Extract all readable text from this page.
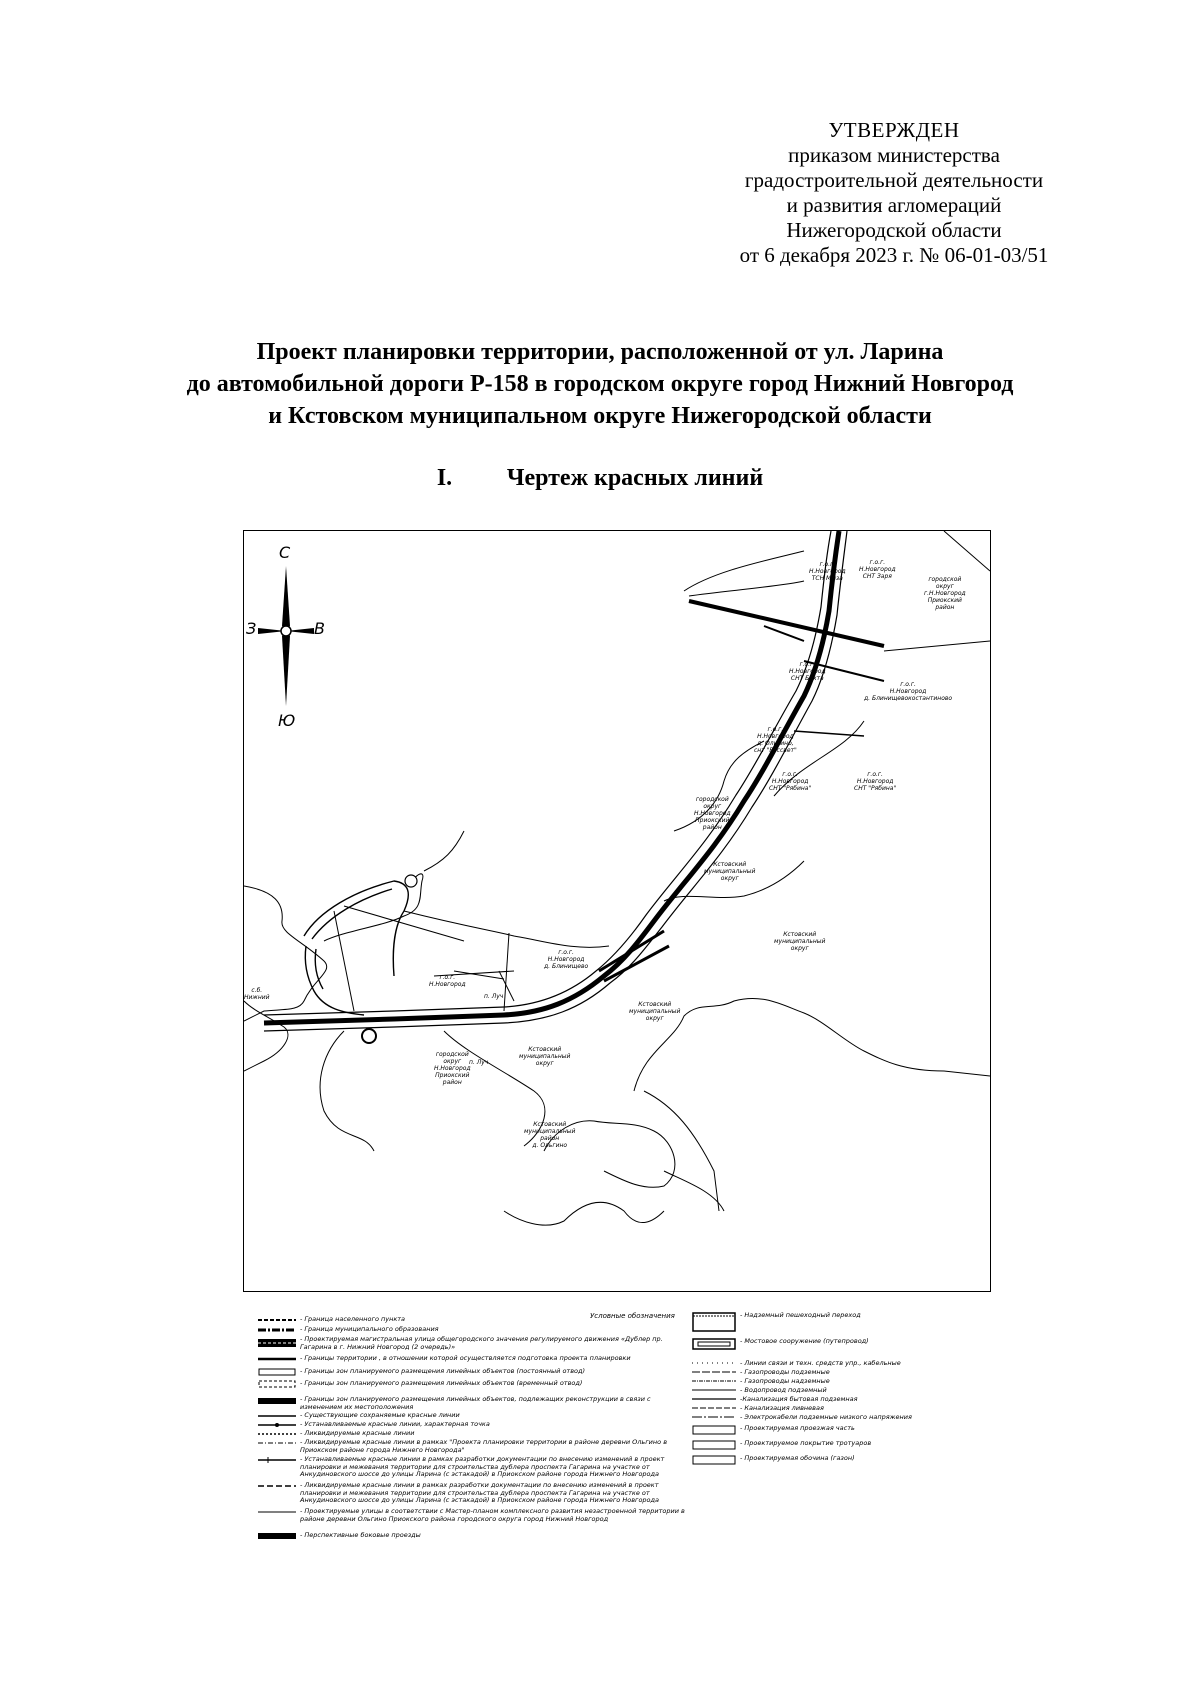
УТВЕРЖДЕН
приказом министерства
градостроительной деятельности
и развития агломераций
Нижегородской области
от 6 декабря 2023 г. № 06-01-03/51
Проект планировки территории, расположенной от ул. Ларина
до автомобильной дороги Р-158 в городском округе город Нижний Новгород
и Кстовском муниципальном округе Нижегородской области
I. Чертеж красных линий
С
Ю
З	В
г.о.г.
Н.Новгород
ТСН Мыза
г.о.г.
Н.Новгород
СНТ Заря	городской
округ
г.Н.Новгород
Приокский
район
г.о.г.
Н.Новгород
СНТ Бахта
г.о.г.
Н.Новгород
д. Блинищевокостантиново
г.о.г.
Н.Новгород
д. Ольгино,
снт "Рассвет"
г.о.г.
Н.Новгород
СНТ "Рябина"
г.о.г.
Н.Новгород
СНТ "Рябина"
городской
округ
Н.Новгород
Приокский
район
Кстовский
муниципальный
округ
Кстовский
муниципальный
округ
г.о.г.
Н.Новгород
д. Блинищево
г.о.г.
Н.Новгород
п. Луч
Кстовский
муниципальный
округ
Кстовский
муниципальный
округ
городской
округ
Н.Новгород
Приокский
район
Кстовский
муниципальный
район
д. Ольгино
п. Луч
с.б.
Нижний
Условные обозначения
- Граница населенного пункта
- Граница муниципального образования
- Проектируемая магистральная улица общегородского значения регулируемого движения «Дублер пр. Гагарина в г. Нижний Новгород (2 очередь)»
- Границы территории , в отношении которой осуществляется подготовка проекта планировки
- Границы зон планируемого размещения линейных объектов (постоянный отвод)
- Границы зон планируемого размещения линейных объектов (временный отвод)
- Границы зон планируемого размещения линейных объектов, подлежащих реконструкции в связи с изменением их местоположения
- Существующие сохраняемые красные линии
- Устанавливаемые красные линии, характерная точка
- Ликвидируемые красные линии
- Ликвидируемые красные линии в рамках "Проекта планировки территории в районе деревни Ольгино в Приокском районе города Нижнего Новгорода"
- Устанавливаемые красные линии в рамках разработки документации по внесению изменений в проект планировки и межевания территории для строительства дублера проспекта Гагарина на участке от Анкудиновского шоссе до улицы Ларина (с эстакадой) в Приокском районе города Нижнего Новгорода
- Ликвидируемые красные линии в рамках разработки документации по внесению изменений в проект планировки и межевания территории для строительства дублера проспекта Гагарина на участке от Анкудиновского шоссе до улицы Ларина (с эстакадой) в Приокском районе города Нижнего Новгорода
- Проектируемые улицы в соответствии с Мастер-планом комплексного развития незастроенной территории в районе деревни Ольгино Приокского района городского округа город Нижний Новгород
- Перспективные боковые проезды
- Надземный пешеходный переход
- Мостовое сооружение (путепровод)
- Линии связи и техн. средств упр., кабельные
- Газопроводы подземные
- Газопроводы надземные
- Водопровод подземный
-Канализация бытовая подземная
- Канализация ливневая
- Электрокабели подземные низкого напряжения
- Проектируемая проезжая часть
- Проектируемое покрытие тротуаров
- Проектируемая обочина (газон)
